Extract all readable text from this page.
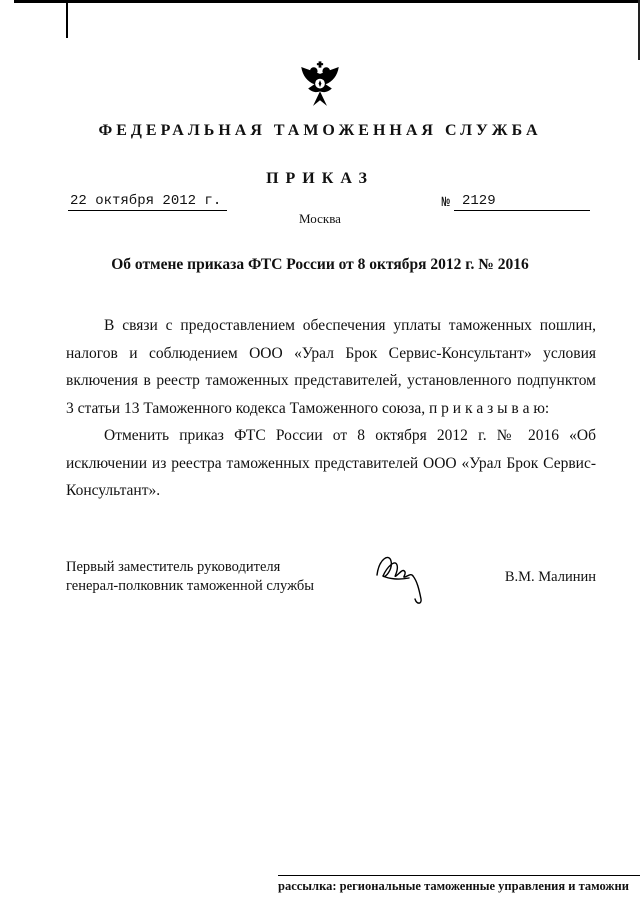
ФЕДЕРАЛЬНАЯ ТАМОЖЕННАЯ СЛУЖБА
ПРИКАЗ
22 октября 2012 г.	№ 2129
Москва
Об отмене приказа ФТС России от 8 октября 2012 г. № 2016

В связи с предоставлением обеспечения уплаты таможенных пошлин, налогов и соблюдением ООО «Урал Брок Сервис-Консультант» условия включения в реестр таможенных представителей, установленного подпунктом 3 статьи 13 Таможенного кодекса Таможенного союза, п р и к а з ы в а ю:

Отменить приказ ФТС России от 8 октября 2012 г. № 2016 «Об исключении из реестра таможенных представителей ООО «Урал Брок Сервис-Консультант».

Первый заместитель руководителя
генерал-полковник таможенной службы
В.М. Малинин
рассылка: региональные таможенные управления и таможни
